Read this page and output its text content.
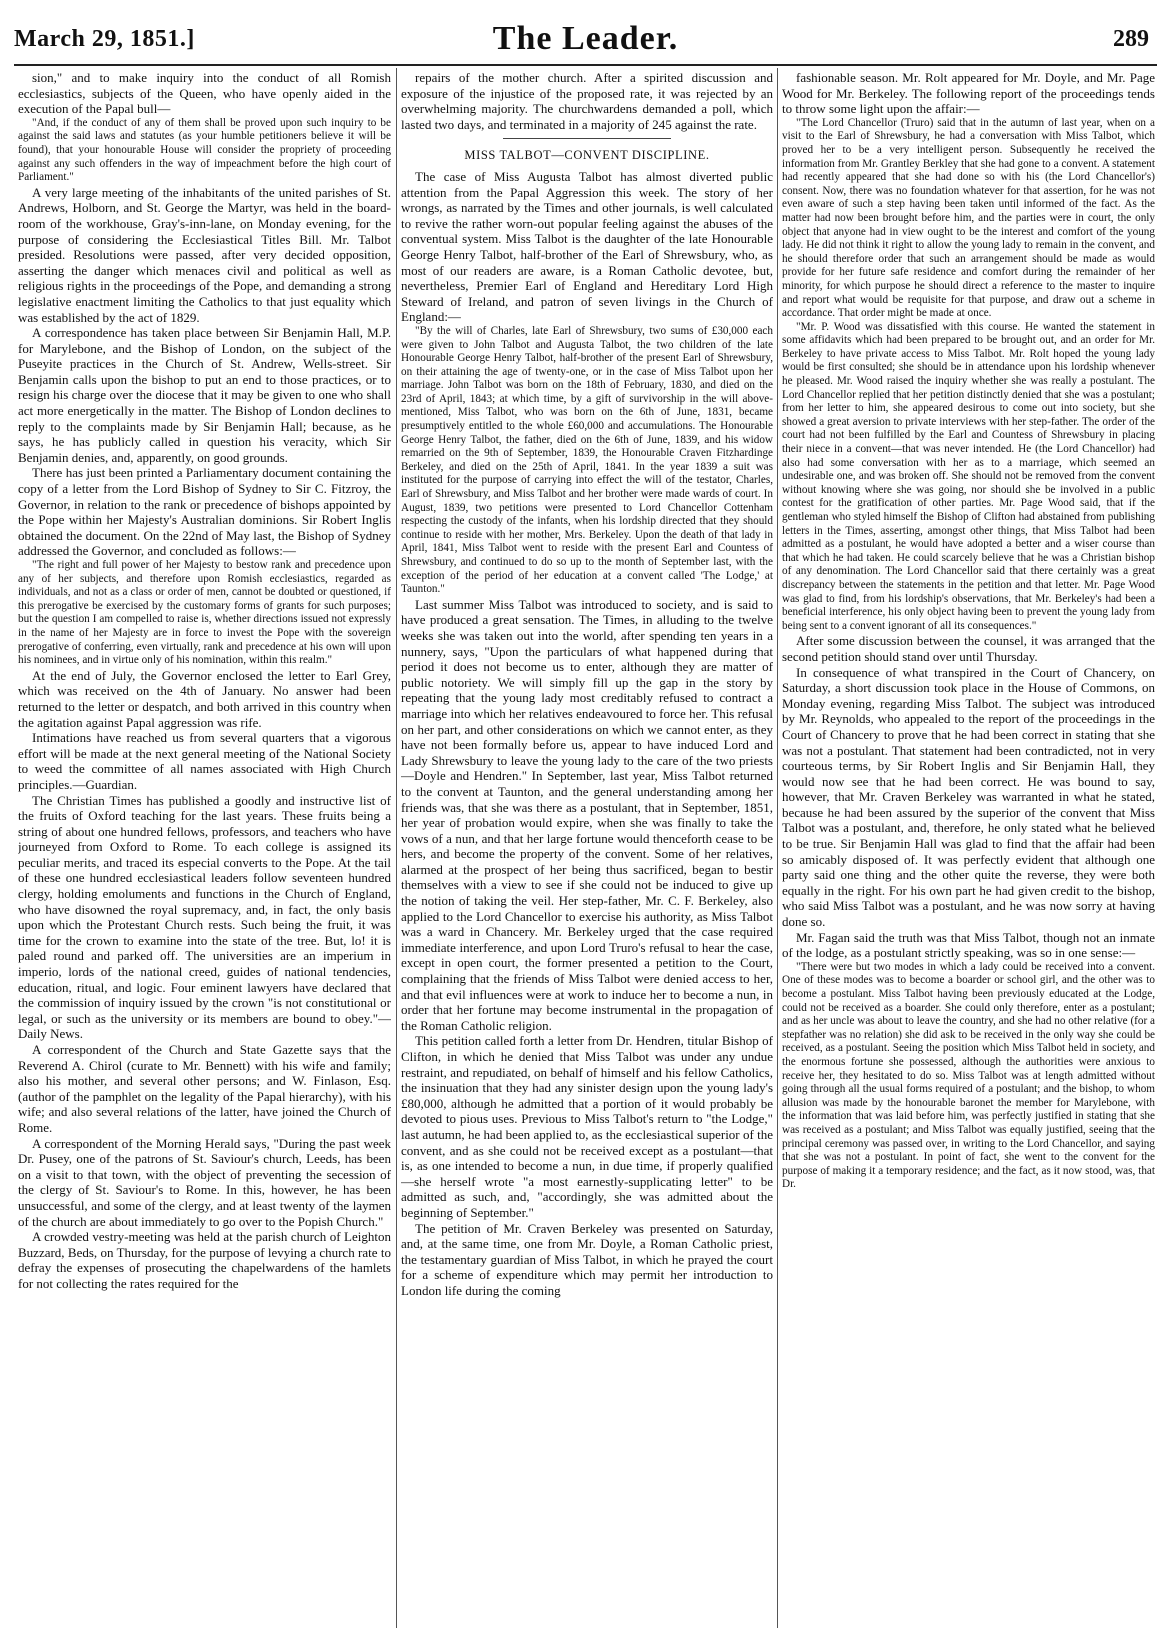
March 29, 1851.]	The Leader.	289

sion," and to make inquiry into the conduct of all Romish ecclesiastics, subjects of the Queen, who have openly aided in the execution of the Papal bull—

"And, if the conduct of any of them shall be proved upon such inquiry to be against the said laws and statutes (as your humble petitioners believe it will be found), that your honourable House will consider the propriety of proceeding against any such offenders in the way of impeachment before the high court of Parliament."

A very large meeting of the inhabitants of the united parishes of St. Andrews, Holborn, and St. George the Martyr, was held in the board-room of the workhouse, Gray's-inn-lane, on Monday evening, for the purpose of considering the Ecclesiastical Titles Bill. Mr. Talbot presided. Resolutions were passed, after very decided opposition, asserting the danger which menaces civil and political as well as religious rights in the proceedings of the Pope, and demanding a strong legislative enactment limiting the Catholics to that just equality which was established by the act of 1829.

A correspondence has taken place between Sir Benjamin Hall, M.P. for Marylebone, and the Bishop of London, on the subject of the Puseyite practices in the Church of St. Andrew, Wells-street. Sir Benjamin calls upon the bishop to put an end to those practices, or to resign his charge over the diocese that it may be given to one who shall act more energetically in the matter. The Bishop of London declines to reply to the complaints made by Sir Benjamin Hall; because, as he says, he has publicly called in question his veracity, which Sir Benjamin denies, and, apparently, on good grounds.

There has just been printed a Parliamentary document containing the copy of a letter from the Lord Bishop of Sydney to Sir C. Fitzroy, the Governor, in relation to the rank or precedence of bishops appointed by the Pope within her Majesty's Australian dominions. Sir Robert Inglis obtained the document. On the 22nd of May last, the Bishop of Sydney addressed the Governor, and concluded as follows:—

"The right and full power of her Majesty to bestow rank and precedence upon any of her subjects, and therefore upon Romish ecclesiastics, regarded as individuals, and not as a class or order of men, cannot be doubted or questioned, if this prerogative be exercised by the customary forms of grants for such purposes; but the question I am compelled to raise is, whether directions issued not expressly in the name of her Majesty are in force to invest the Pope with the sovereign prerogative of conferring, even virtually, rank and precedence at his own will upon his nominees, and in virtue only of his nomination, within this realm."

At the end of July, the Governor enclosed the letter to Earl Grey, which was received on the 4th of January. No answer had been returned to the letter or despatch, and both arrived in this country when the agitation against Papal aggression was rife.

Intimations have reached us from several quarters that a vigorous effort will be made at the next general meeting of the National Society to weed the committee of all names associated with High Church principles.—Guardian.

The Christian Times has published a goodly and instructive list of the fruits of Oxford teaching for the last years. These fruits being a string of about one hundred fellows, professors, and teachers who have journeyed from Oxford to Rome. To each college is assigned its peculiar merits, and traced its especial converts to the Pope. At the tail of these one hundred ecclesiastical leaders follow seventeen hundred clergy, holding emoluments and functions in the Church of England, who have disowned the royal supremacy, and, in fact, the only basis upon which the Protestant Church rests. Such being the fruit, it was time for the crown to examine into the state of the tree. But, lo! it is paled round and parked off. The universities are an imperium in imperio, lords of the national creed, guides of national tendencies, education, ritual, and logic. Four eminent lawyers have declared that the commission of inquiry issued by the crown "is not constitutional or legal, or such as the university or its members are bound to obey."—Daily News.

A correspondent of the Church and State Gazette says that the Reverend A. Chirol (curate to Mr. Bennett) with his wife and family; also his mother, and several other persons; and W. Finlason, Esq. (author of the pamphlet on the legality of the Papal hierarchy), with his wife; and also several relations of the latter, have joined the Church of Rome.

A correspondent of the Morning Herald says, "During the past week Dr. Pusey, one of the patrons of St. Saviour's church, Leeds, has been on a visit to that town, with the object of preventing the secession of the clergy of St. Saviour's to Rome. In this, however, he has been unsuccessful, and some of the clergy, and at least twenty of the laymen of the church are about immediately to go over to the Popish Church."

A crowded vestry-meeting was held at the parish church of Leighton Buzzard, Beds, on Thursday, for the purpose of levying a church rate to defray the expenses of prosecuting the chapelwardens of the hamlets for not collecting the rates required for the

repairs of the mother church. After a spirited discussion and exposure of the injustice of the proposed rate, it was rejected by an overwhelming majority. The churchwardens demanded a poll, which lasted two days, and terminated in a majority of 245 against the rate.

MISS TALBOT—CONVENT DISCIPLINE.

The case of Miss Augusta Talbot has almost diverted public attention from the Papal Aggression this week. The story of her wrongs, as narrated by the Times and other journals, is well calculated to revive the rather worn-out popular feeling against the abuses of the conventual system. Miss Talbot is the daughter of the late Honourable George Henry Talbot, half-brother of the Earl of Shrewsbury, who, as most of our readers are aware, is a Roman Catholic devotee, but, nevertheless, Premier Earl of England and Hereditary Lord High Steward of Ireland, and patron of seven livings in the Church of England:—

"By the will of Charles, late Earl of Shrewsbury, two sums of £30,000 each were given to John Talbot and Augusta Talbot, the two children of the late Honourable George Henry Talbot, half-brother of the present Earl of Shrewsbury, on their attaining the age of twenty-one, or in the case of Miss Talbot upon her marriage. John Talbot was born on the 18th of February, 1830, and died on the 23rd of April, 1843; at which time, by a gift of survivorship in the will above-mentioned, Miss Talbot, who was born on the 6th of June, 1831, became presumptively entitled to the whole £60,000 and accumulations. The Honourable George Henry Talbot, the father, died on the 6th of June, 1839, and his widow remarried on the 9th of September, 1839, the Honourable Craven Fitzhardinge Berkeley, and died on the 25th of April, 1841. In the year 1839 a suit was instituted for the purpose of carrying into effect the will of the testator, Charles, Earl of Shrewsbury, and Miss Talbot and her brother were made wards of court. In August, 1839, two petitions were presented to Lord Chancellor Cottenham respecting the custody of the infants, when his lordship directed that they should continue to reside with her mother, Mrs. Berkeley. Upon the death of that lady in April, 1841, Miss Talbot went to reside with the present Earl and Countess of Shrewsbury, and continued to do so up to the month of September last, with the exception of the period of her education at a convent called 'The Lodge,' at Taunton."

Last summer Miss Talbot was introduced to society, and is said to have produced a great sensation. The Times, in alluding to the twelve weeks she was taken out into the world, after spending ten years in a nunnery, says, "Upon the particulars of what happened during that period it does not become us to enter, although they are matter of public notoriety. We will simply fill up the gap in the story by repeating that the young lady most creditably refused to contract a marriage into which her relatives endeavoured to force her. This refusal on her part, and other considerations on which we cannot enter, as they have not been formally before us, appear to have induced Lord and Lady Shrewsbury to leave the young lady to the care of the two priests—Doyle and Hendren." In September, last year, Miss Talbot returned to the convent at Taunton, and the general understanding among her friends was, that she was there as a postulant, that in September, 1851, her year of probation would expire, when she was finally to take the vows of a nun, and that her large fortune would thenceforth cease to be hers, and become the property of the convent. Some of her relatives, alarmed at the prospect of her being thus sacrificed, began to bestir themselves with a view to see if she could not be induced to give up the notion of taking the veil. Her step-father, Mr. C. F. Berkeley, also applied to the Lord Chancellor to exercise his authority, as Miss Talbot was a ward in Chancery. Mr. Berkeley urged that the case required immediate interference, and upon Lord Truro's refusal to hear the case, except in open court, the former presented a petition to the Court, complaining that the friends of Miss Talbot were denied access to her, and that evil influences were at work to induce her to become a nun, in order that her fortune may become instrumental in the propagation of the Roman Catholic religion.

This petition called forth a letter from Dr. Hendren, titular Bishop of Clifton, in which he denied that Miss Talbot was under any undue restraint, and repudiated, on behalf of himself and his fellow Catholics, the insinuation that they had any sinister design upon the young lady's £80,000, although he admitted that a portion of it would probably be devoted to pious uses. Previous to Miss Talbot's return to "the Lodge," last autumn, he had been applied to, as the ecclesiastical superior of the convent, and as she could not be received except as a postulant—that is, as one intended to become a nun, in due time, if properly qualified—she herself wrote "a most earnestly-supplicating letter" to be admitted as such, and, "accordingly, she was admitted about the beginning of September."

The petition of Mr. Craven Berkeley was presented on Saturday, and, at the same time, one from Mr. Doyle, a Roman Catholic priest, the testamentary guardian of Miss Talbot, in which he prayed the court for a scheme of expenditure which may permit her introduction to London life during the coming

fashionable season. Mr. Rolt appeared for Mr. Doyle, and Mr. Page Wood for Mr. Berkeley. The following report of the proceedings tends to throw some light upon the affair:—

"The Lord Chancellor (Truro) said that in the autumn of last year, when on a visit to the Earl of Shrewsbury, he had a conversation with Miss Talbot, which proved her to be a very intelligent person. Subsequently he received the information from Mr. Grantley Berkley that she had gone to a convent. A statement had recently appeared that she had done so with his (the Lord Chancellor's) consent. Now, there was no foundation whatever for that assertion, for he was not even aware of such a step having been taken until informed of the fact. As the matter had now been brought before him, and the parties were in court, the only object that anyone had in view ought to be the interest and comfort of the young lady. He did not think it right to allow the young lady to remain in the convent, and he should therefore order that such an arrangement should be made as would provide for her future safe residence and comfort during the remainder of her minority, for which purpose he should direct a reference to the master to inquire and report what would be requisite for that purpose, and draw out a scheme in accordance. That order might be made at once.

"Mr. P. Wood was dissatisfied with this course. He wanted the statement in some affidavits which had been prepared to be brought out, and an order for Mr. Berkeley to have private access to Miss Talbot. Mr. Rolt hoped the young lady would be first consulted; she should be in attendance upon his lordship whenever he pleased. Mr. Wood raised the inquiry whether she was really a postulant. The Lord Chancellor replied that her petition distinctly denied that she was a postulant; from her letter to him, she appeared desirous to come out into society, but she showed a great aversion to private interviews with her step-father. The order of the court had not been fulfilled by the Earl and Countess of Shrewsbury in placing their niece in a convent—that was never intended. He (the Lord Chancellor) had also had some conversation with her as to a marriage, which seemed an undesirable one, and was broken off. She should not be removed from the convent without knowing where she was going, nor should she be involved in a public contest for the gratification of other parties. Mr. Page Wood said, that if the gentleman who styled himself the Bishop of Clifton had abstained from publishing letters in the Times, asserting, amongst other things, that Miss Talbot had been admitted as a postulant, he would have adopted a better and a wiser course than that which he had taken. He could scarcely believe that he was a Christian bishop of any denomination. The Lord Chancellor said that there certainly was a great discrepancy between the statements in the petition and that letter. Mr. Page Wood was glad to find, from his lordship's observations, that Mr. Berkeley's had been a beneficial interference, his only object having been to prevent the young lady from being sent to a convent ignorant of all its consequences."

After some discussion between the counsel, it was arranged that the second petition should stand over until Thursday.

In consequence of what transpired in the Court of Chancery, on Saturday, a short discussion took place in the House of Commons, on Monday evening, regarding Miss Talbot. The subject was introduced by Mr. Reynolds, who appealed to the report of the proceedings in the Court of Chancery to prove that he had been correct in stating that she was not a postulant. That statement had been contradicted, not in very courteous terms, by Sir Robert Inglis and Sir Benjamin Hall, they would now see that he had been correct. He was bound to say, however, that Mr. Craven Berkeley was warranted in what he stated, because he had been assured by the superior of the convent that Miss Talbot was a postulant, and, therefore, he only stated what he believed to be true. Sir Benjamin Hall was glad to find that the affair had been so amicably disposed of. It was perfectly evident that although one party said one thing and the other quite the reverse, they were both equally in the right. For his own part he had given credit to the bishop, who said Miss Talbot was a postulant, and he was now sorry at having done so.

Mr. Fagan said the truth was that Miss Talbot, though not an inmate of the lodge, as a postulant strictly speaking, was so in one sense:—

"There were but two modes in which a lady could be received into a convent. One of these modes was to become a boarder or school girl, and the other was to become a postulant. Miss Talbot having been previously educated at the Lodge, could not be received as a boarder. She could only therefore, enter as a postulant; and as her uncle was about to leave the country, and she had no other relative (for a stepfather was no relation) she did ask to be received in the only way she could be received, as a postulant. Seeing the position which Miss Talbot held in society, and the enormous fortune she possessed, although the authorities were anxious to receive her, they hesitated to do so. Miss Talbot was at length admitted without going through all the usual forms required of a postulant; and the bishop, to whom allusion was made by the honourable baronet the member for Marylebone, with the information that was laid before him, was perfectly justified in stating that she was received as a postulant; and Miss Talbot was equally justified, seeing that the principal ceremony was passed over, in writing to the Lord Chancellor, and saying that she was not a postulant. In point of fact, she went to the convent for the purpose of making it a temporary residence; and the fact, as it now stood, was, that Dr.
